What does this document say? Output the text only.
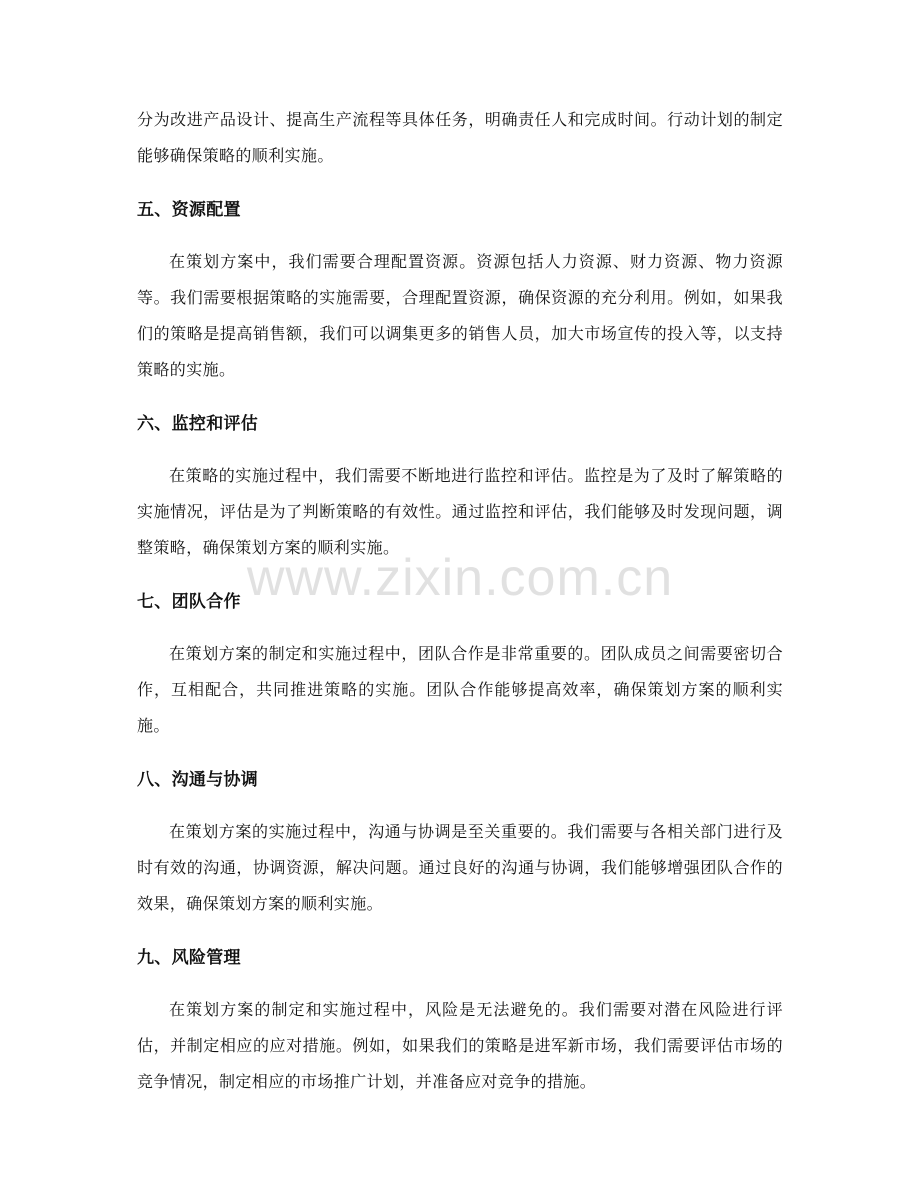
分为改进产品设计、提高生产流程等具体任务，明确责任人和完成时间。行动计划的制定能够确保策略的顺利实施。

五、资源配置

在策划方案中，我们需要合理配置资源。资源包括人力资源、财力资源、物力资源等。我们需要根据策略的实施需要，合理配置资源，确保资源的充分利用。例如，如果我们的策略是提高销售额，我们可以调集更多的销售人员，加大市场宣传的投入等，以支持策略的实施。

六、监控和评估

在策略的实施过程中，我们需要不断地进行监控和评估。监控是为了及时了解策略的实施情况，评估是为了判断策略的有效性。通过监控和评估，我们能够及时发现问题，调整策略，确保策划方案的顺利实施。

七、团队合作

在策划方案的制定和实施过程中，团队合作是非常重要的。团队成员之间需要密切合作，互相配合，共同推进策略的实施。团队合作能够提高效率，确保策划方案的顺利实施。

八、沟通与协调

在策划方案的实施过程中，沟通与协调是至关重要的。我们需要与各相关部门进行及时有效的沟通，协调资源，解决问题。通过良好的沟通与协调，我们能够增强团队合作的效果，确保策划方案的顺利实施。

九、风险管理

在策划方案的制定和实施过程中，风险是无法避免的。我们需要对潜在风险进行评估，并制定相应的应对措施。例如，如果我们的策略是进军新市场，我们需要评估市场的竞争情况，制定相应的市场推广计划，并准备应对竞争的措施。

www.zixin.com.cn
